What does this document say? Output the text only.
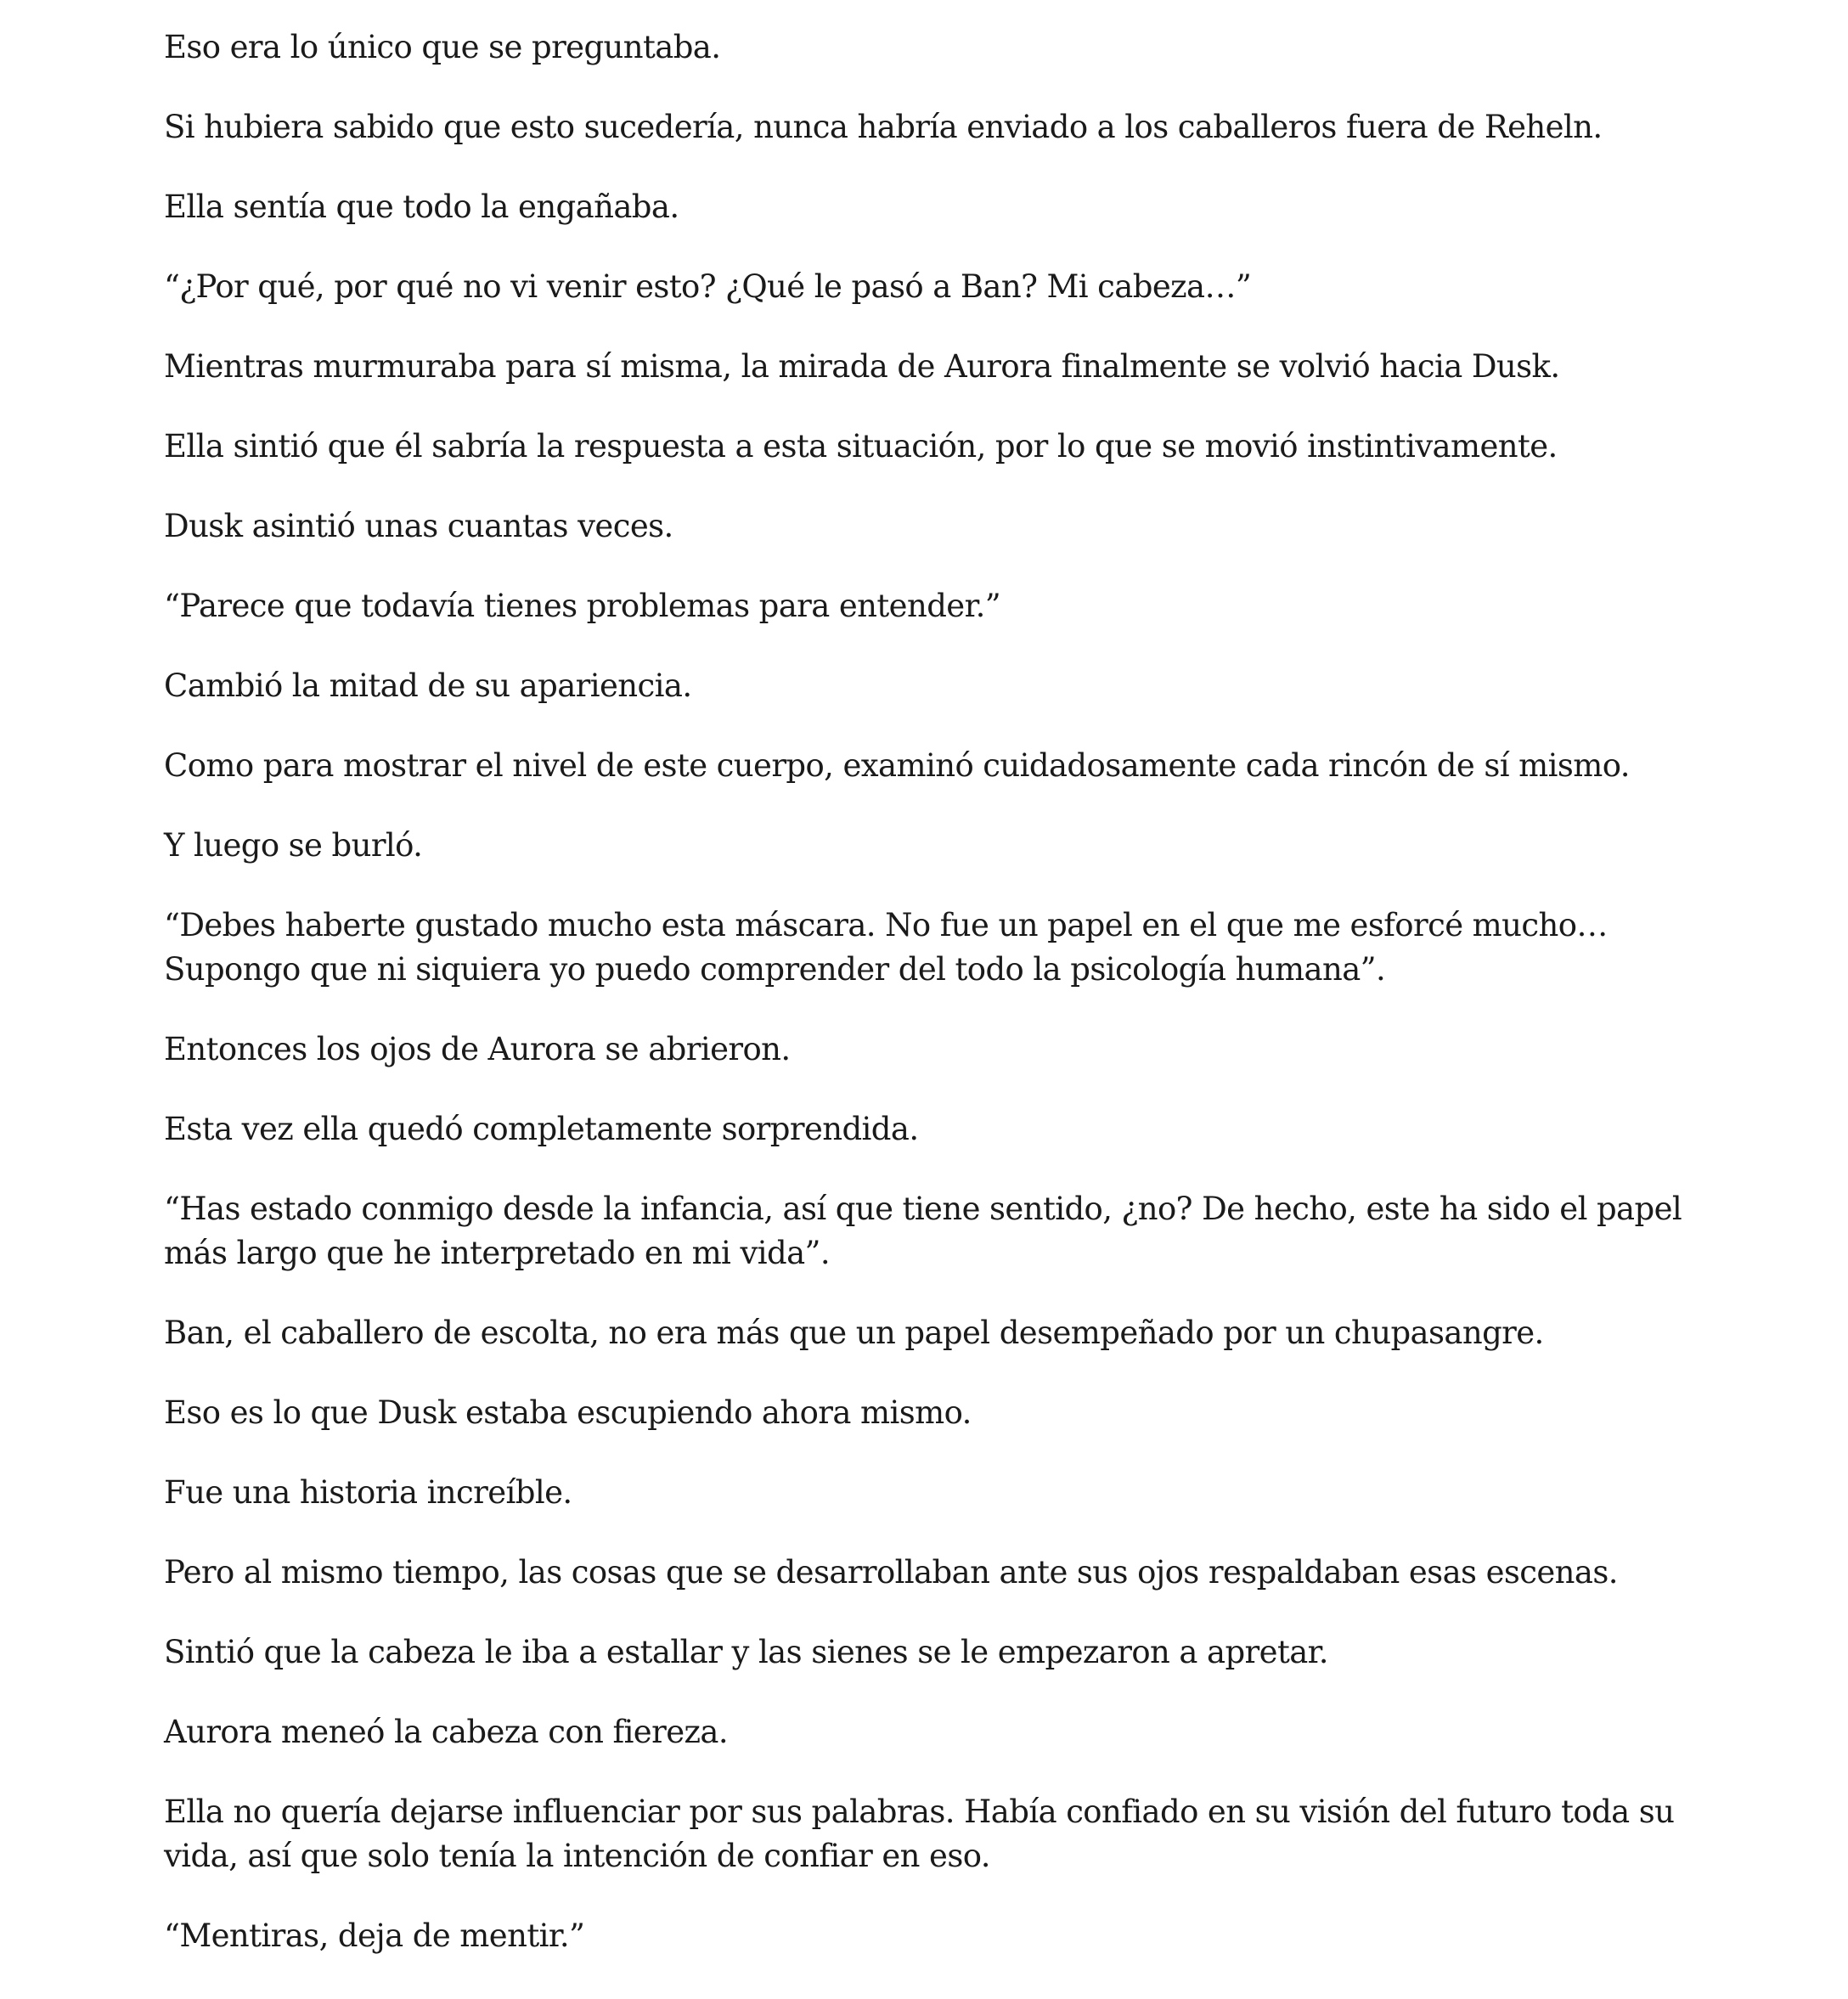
Eso era lo único que se preguntaba.

Si hubiera sabido que esto sucedería, nunca habría enviado a los caballeros fuera de Reheln.

Ella sentía que todo la engañaba.

“¿Por qué, por qué no vi venir esto? ¿Qué le pasó a Ban? Mi cabeza…”

Mientras murmuraba para sí misma, la mirada de Aurora finalmente se volvió hacia Dusk.

Ella sintió que él sabría la respuesta a esta situación, por lo que se movió instintivamente.

Dusk asintió unas cuantas veces.

“Parece que todavía tienes problemas para entender.”

Cambió la mitad de su apariencia.

Como para mostrar el nivel de este cuerpo, examinó cuidadosamente cada rincón de sí mismo.

Y luego se burló.

“Debes haberte gustado mucho esta máscara. No fue un papel en el que me esforcé mucho… Supongo que ni siquiera yo puedo comprender del todo la psicología humana”.

Entonces los ojos de Aurora se abrieron.

Esta vez ella quedó completamente sorprendida.

“Has estado conmigo desde la infancia, así que tiene sentido, ¿no? De hecho, este ha sido el papel más largo que he interpretado en mi vida”.

Ban, el caballero de escolta, no era más que un papel desempeñado por un chupasangre.

Eso es lo que Dusk estaba escupiendo ahora mismo.

Fue una historia increíble.

Pero al mismo tiempo, las cosas que se desarrollaban ante sus ojos respaldaban esas escenas.

Sintió que la cabeza le iba a estallar y las sienes se le empezaron a apretar.

Aurora meneó la cabeza con fiereza.

Ella no quería dejarse influenciar por sus palabras. Había confiado en su visión del futuro toda su vida, así que solo tenía la intención de confiar en eso.

“Mentiras, deja de mentir.”
